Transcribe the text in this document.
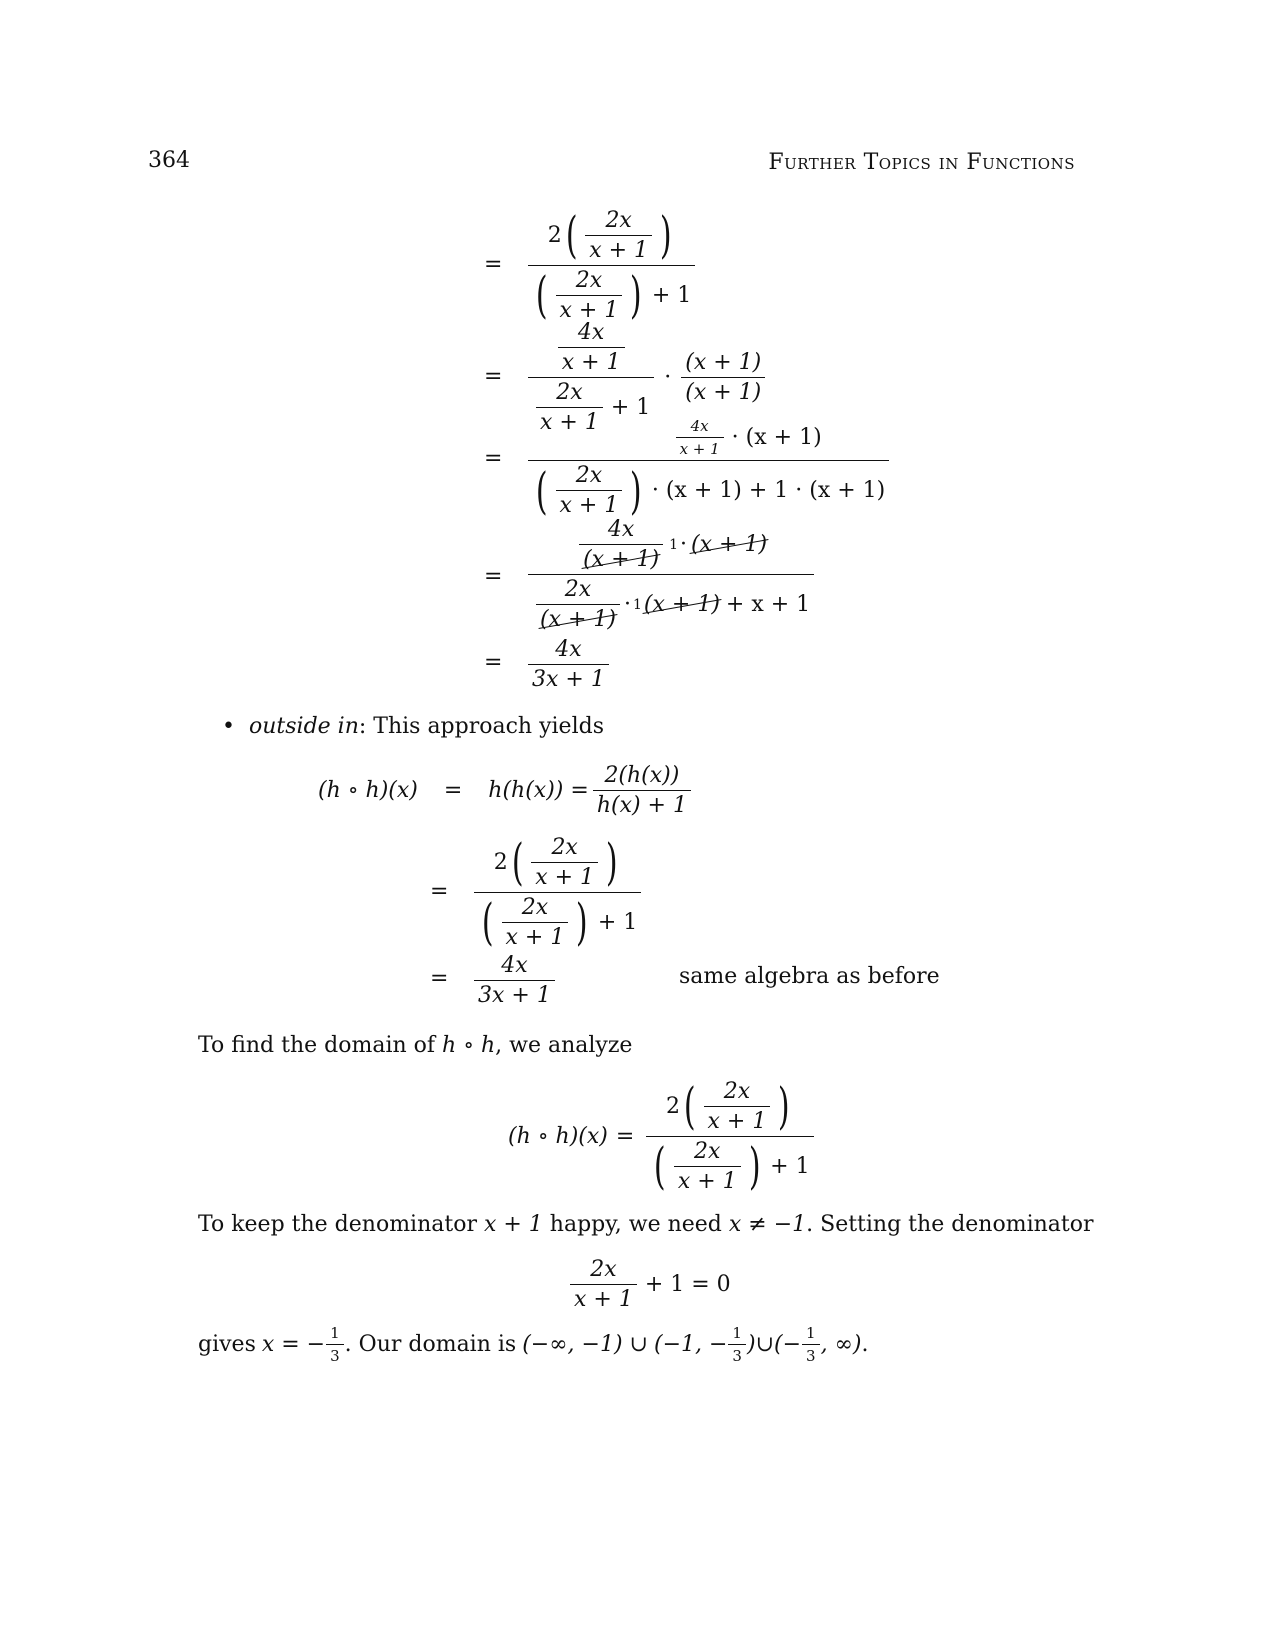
364	Further Topics in Functions
= $\frac{2 ( \frac{2x}{x + 1} )}{( \frac{2x}{x + 1} ) + 1}$
= $\frac{\frac{4x}{x + 1}}{\frac{2x}{x + 1} + 1} \cdot \frac{(x + 1)}{(x + 1)}$
= $\frac{\frac{4x}{x + 1} \cdot (x + 1)}{( \frac{2x}{x + 1} ) \cdot (x + 1) + 1 \cdot (x + 1)}$
= $\frac{\frac{4x}{(x + 1)} 1 \cdot (x + 1)}{\frac{2x}{(x + 1)} \cdot 1 (x + 1) + x + 1}$
= $\frac{4x}{3x + 1}$
• outside in: This approach yields
(h ∘ $h)(x) = h(h(x)) = \frac{2(h(x))}{h(x) + 1}$
= $\frac{2 ( \frac{2x}{x + 1} )}{( \frac{2x}{x + 1} ) + 1}$
= $\frac{4x}{3x + 1}$	same algebra as before
To find the domain of h ∘ h, we analyze
(h ∘ $h)(x) = \frac{2 ( \frac{2x}{x + 1} )}{( \frac{2x}{x + 1} ) + 1}$
To keep the denominator x + 1 happy, we need x ≠ −1. Setting the denominator
$\frac{2x}{x + 1} + 1 = 0$
gives x = − $\frac{1}{3}$ . Our domain is (−∞, −1) ∪ (−1, − $\frac{1}{3}$ ) ∪ (− $\frac{1}{3}$ , ∞) .
